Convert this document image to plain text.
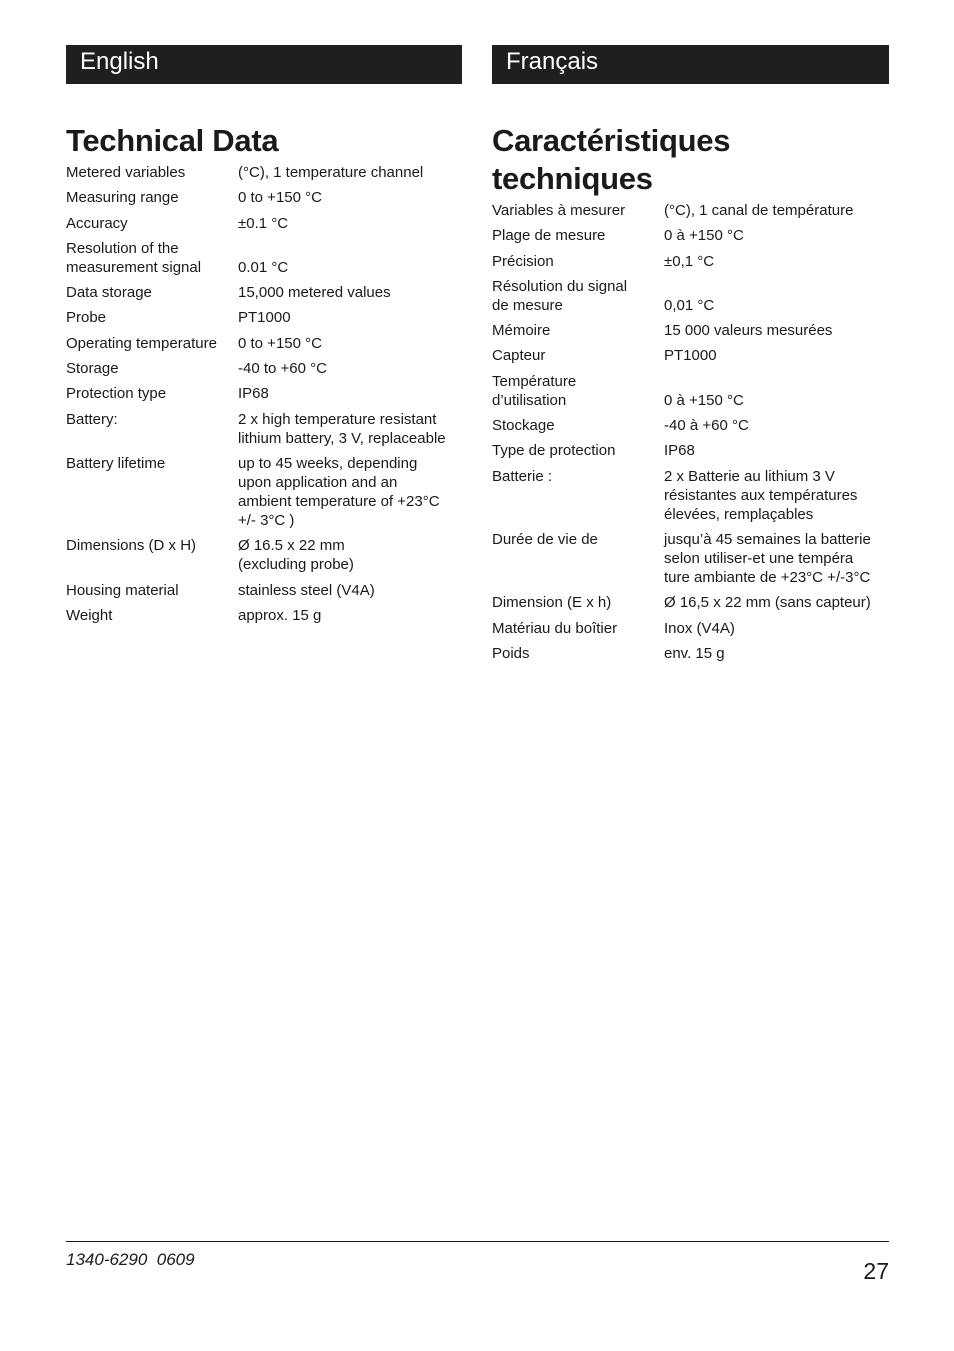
English
Technical Data
Metered variables	(°C), 1 temperature channel
Measuring range	0 to +150 °C
Accuracy	±0.1 °C
Resolution of the
measurement signal	0.01 °C
Data storage	15,000 metered values
Probe	PT1000
Operating temperature	0 to +150 °C
Storage	-40 to +60 °C
Protection type	IP68
Battery:	2 x high temperature resistant
lithium battery, 3 V, replaceable
Battery lifetime	up to 45 weeks, depending
upon application and an
ambient temperature of +23°C
+/- 3°C )
Dimensions (D x H)	Ø 16.5 x 22 mm
(excluding probe)
Housing material	stainless steel (V4A)
Weight	approx. 15 g
Français
Caractéristiques
techniques
Variables à mesurer	(°C), 1 canal de température
Plage de mesure	0 à +150 °C
Précision	±0,1 °C
Résolution du signal
de mesure	0,01 °C
Mémoire	15 000 valeurs mesurées
Capteur	PT1000
Température
d’utilisation	0 à +150 °C
Stockage	-40 à +60 °C
Type de protection	IP68
Batterie :	2 x Batterie au lithium 3 V
résistantes aux températures
élevées, remplaçables
Durée de vie de	jusqu’à 45 semaines la batterie
selon utiliser-et une tempéra
ture ambiante de +23°C +/-3°C
Dimension (E x h)	Ø 16,5 x 22 mm (sans capteur)
Matériau du boîtier	Inox (V4A)
Poids	env. 15 g
1340-6290  0609	27
